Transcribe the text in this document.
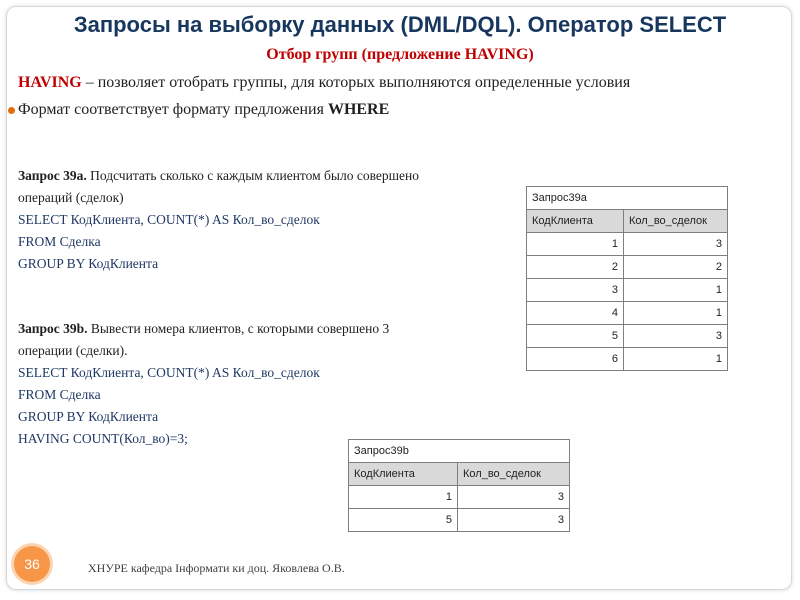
Запросы на выборку данных (DML/DQL). Оператор SELECT
Отбор групп (предложение HAVING)
HAVING – позволяет отобрать группы, для которых выполняются определенные условия
Формат соответствует формату предложения WHERE
Запрос 39а. Подсчитать сколько с каждым клиентом было совершено
операций (сделок)
SELECT КодКлиента, COUNT(*) AS Кол_во_сделок
FROM Сделка
GROUP BY КодКлиента
Запрос 39b. Вывести номера клиентов, с которыми совершено 3
операции (сделки).
SELECT КодКлиента, COUNT(*) AS Кол_во_сделок
FROM Сделка
GROUP BY КодКлиента
HAVING COUNT(Кол_во)=3;
Запрос39a	
КодКлиента	Кол_во_сделок
1	3
2	2
3	1
4	1
5	3
6	1
Запрос39b	
КодКлиента	Кол_во_сделок
1	3
5	3
36	ХНУРЕ кафедра Інформати ки доц. Яковлева О.В.
